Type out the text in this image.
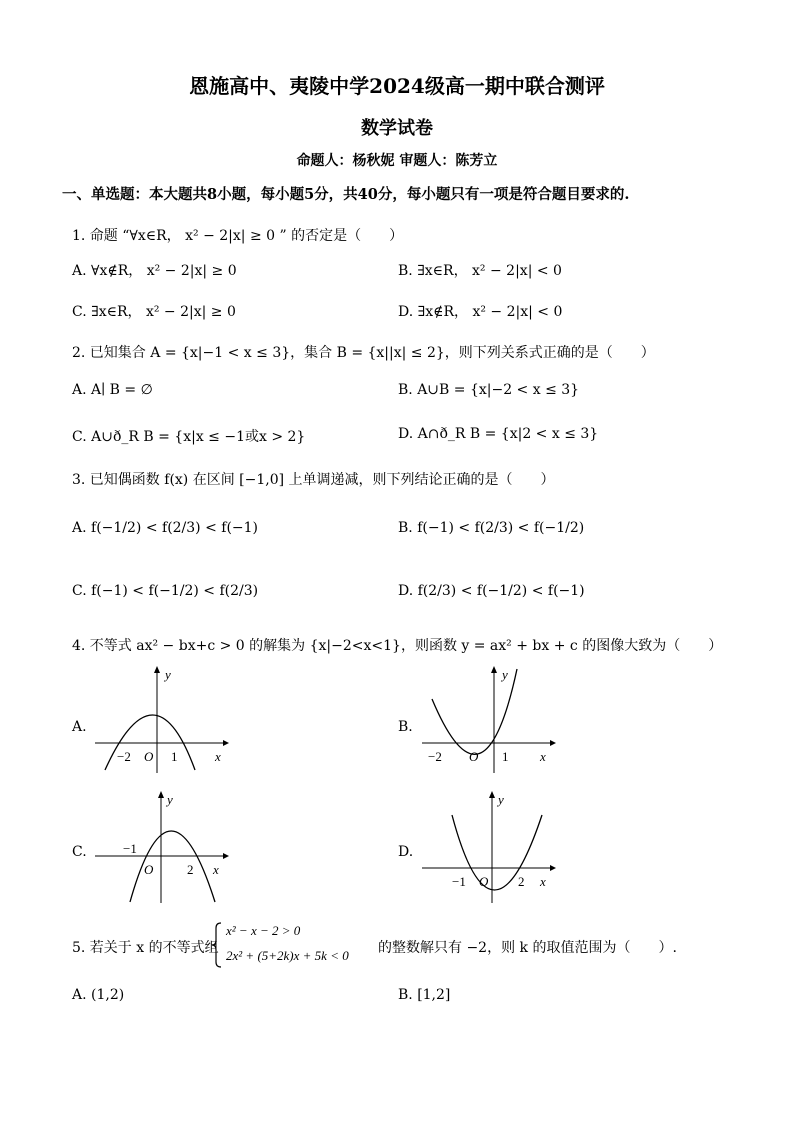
恩施高中、夷陵中学2024级高一期中联合测评
数学试卷
命题人：杨秋妮 审题人：陈芳立
一、单选题：本大题共8小题，每小题5分，共40分，每小题只有一项是符合题目要求的.
1. 命题 “∀x∈R， x² − 2|x| ≥ 0 ” 的否定是（　　）
A. ∀x∉R， x² − 2|x| ≥ 0	B. ∃x∈R， x² − 2|x| < 0
C. ∃x∈R， x² − 2|x| ≥ 0	D. ∃x∉R， x² − 2|x| < 0
2. 已知集合 A = {x|−1 < x ≤ 3}，集合 B = {x||x| ≤ 2}，则下列关系式正确的是（　　）
A. A∣ B = ∅	B. A∪B = {x|−2 < x ≤ 3}
C. A∪ð_R B = {x|x ≤ −1或x > 2}	D. A∩ð_R B = {x|2 < x ≤ 3}
3. 已知偶函数 f(x) 在区间 [−1,0] 上单调递减，则下列结论正确的是（　　）
A. f(−1/2) < f(2/3) < f(−1)	B. f(−1) < f(2/3) < f(−1/2)
C. f(−1) < f(−1/2) < f(2/3)	D. f(2/3) < f(−1/2) < f(−1)
4. 不等式 ax² − bx+c > 0 的解集为 {x|−2<x<1}，则函数 y = ax² + bx + c 的图像大致为（　　）
A.	B.
C.	D.
y
x
O
−2	1
y
x
O
−2	1
y
x
O
−1
2
y
x
O
−1	2
5. 若关于 x 的不等式组
x² − x − 2 > 0
2x² + (5+2k)x + 5k < 0 的整数解只有 −2，则 k 的取值范围为（　　）.
A. (1,2)	B. [1,2]
